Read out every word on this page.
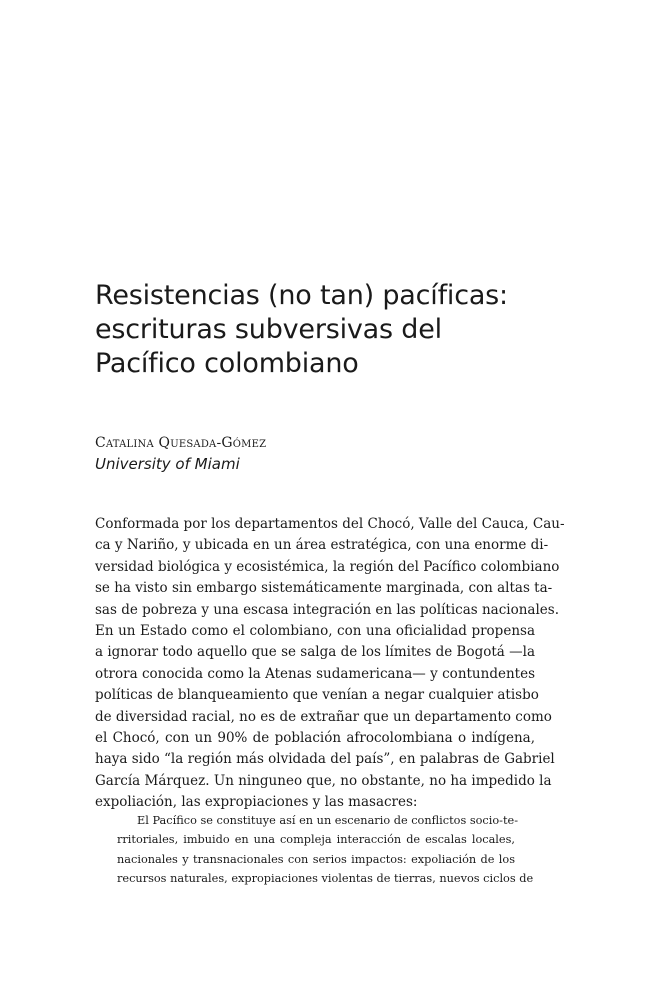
Resistencias (no tan) pacíficas:
escrituras subversivas del
Pacífico colombiano
Catalina Quesada-Gómez
University of Miami
Conformada por los departamentos del Chocó, Valle del Cauca, Cau-
ca y Nariño, y ubicada en un área estratégica, con una enorme di-
versidad biológica y ecosistémica, la región del Pacífico colombiano
se ha visto sin embargo sistemáticamente marginada, con altas ta-
sas de pobreza y una escasa integración en las políticas nacionales.
En un Estado como el colombiano, con una oficialidad propensa
a ignorar todo aquello que se salga de los límites de Bogotá —la
otrora conocida como la Atenas sudamericana— y contundentes
políticas de blanqueamiento que venían a negar cualquier atisbo
de diversidad racial, no es de extrañar que un departamento como
el Chocó, con un 90% de población afrocolombiana o indígena,
haya sido “la región más olvidada del país”, en palabras de Gabriel
García Márquez. Un ninguneo que, no obstante, no ha impedido la
expoliación, las expropiaciones y las masacres:
El Pacífico se constituye así en un escenario de conflictos socio-te-
rritoriales, imbuido en una compleja interacción de escalas locales,
nacionales y transnacionales con serios impactos: expoliación de los
recursos naturales, expropiaciones violentas de tierras, nuevos ciclos de
